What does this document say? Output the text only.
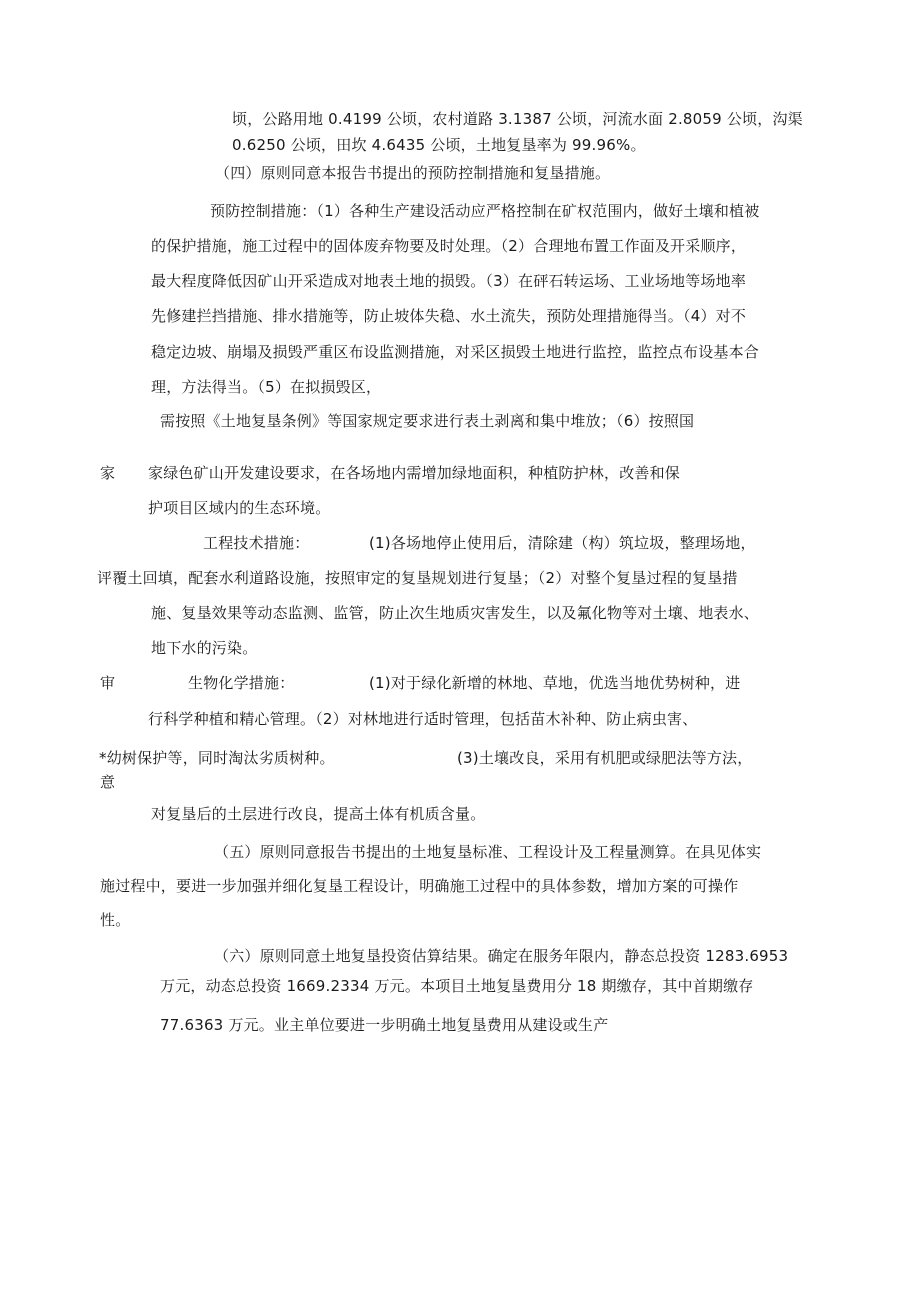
顷，公路用地 0.4199 公顷，农村道路 3.1387 公顷，河流水面 2.8059 公顷，沟渠
0.6250 公顷，田坎 4.6435 公顷，土地复垦率为 99.96%。
（四）原则同意本报告书提出的预防控制措施和复垦措施。
预防控制措施：（1）各种生产建设活动应严格控制在矿权范围内，做好土壤和植被
的保护措施，施工过程中的固体废弃物要及时处理。（2）合理地布置工作面及开采顺序，
最大程度降低因矿山开采造成对地表土地的损毁。（3）在砰石转运场、工业场地等场地率
先修建拦挡措施、排水措施等，防止坡体失稳、水土流失，预防处理措施得当。（4）对不
稳定边坡、崩塌及损毁严重区布设监测措施，对采区损毁土地进行监控，监控点布设基本合
理，方法得当。（5）在拟损毁区，
需按照《土地复垦条例》等国家规定要求进行表土剥离和集中堆放；（6）按照国
家 家绿色矿山开发建设要求，在各场地内需增加绿地面积，种植防护林，改善和保
护项目区域内的生态环境。
工程技术措施：	(1)各场地停止使用后，清除建（构）筑垃圾，整理场地，
评覆土回填，配套水利道路设施，按照审定的复垦规划进行复垦；（2）对整个复垦过程的复垦措
施、复垦效果等动态监测、监管，防止次生地质灾害发生，以及氟化物等对土壤、地表水、
地下水的污染。
审	生物化学措施：	(1)对于绿化新增的林地、草地，优选当地优势树种，进
行科学种植和精心管理。（2）对林地进行适时管理，包括苗木补种、防止病虫害、
*幼树保护等，同时淘汰劣质树种。	(3)土壤改良，采用有机肥或绿肥法等方法，
意
对复垦后的土层进行改良，提高土体有机质含量。
（五）原则同意报告书提出的土地复垦标准、工程设计及工程量测算。在具见体实
施过程中，要进一步加强并细化复垦工程设计，明确施工过程中的具体参数，增加方案的可操作
性。
（六）原则同意土地复垦投资估算结果。确定在服务年限内，静态总投资 1283.6953
万元，动态总投资 1669.2334 万元。本项目土地复垦费用分 18 期缴存，其中首期缴存
77.6363 万元。业主单位要进一步明确土地复垦费用从建设或生产
